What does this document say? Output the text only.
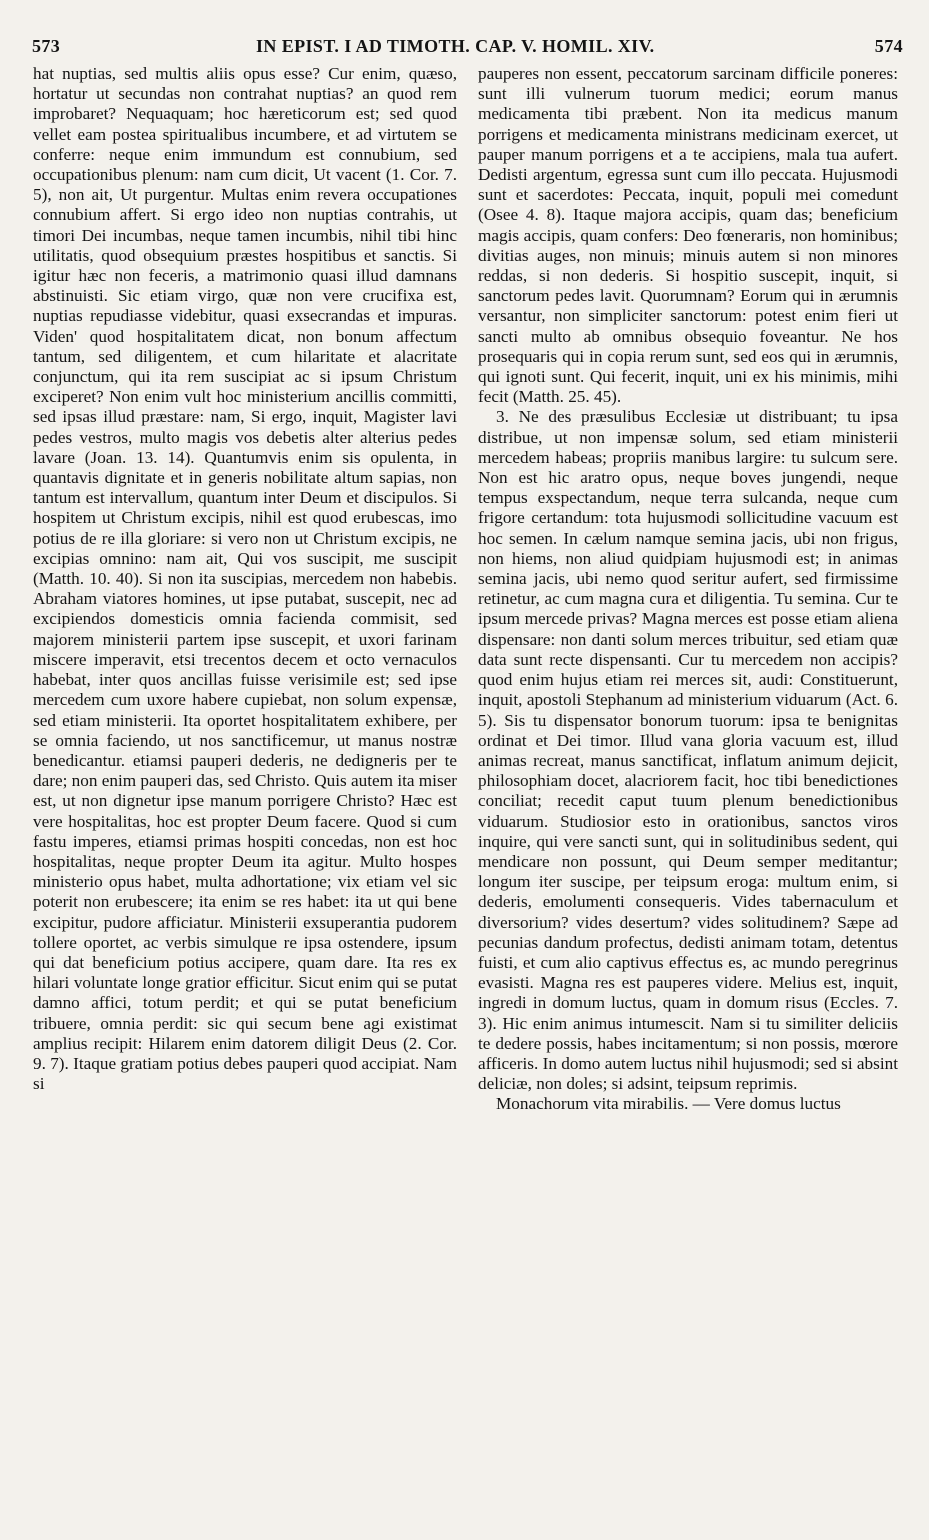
573	IN EPIST. I AD TIMOTH. CAP. V. HOMIL. XIV.	574

hat nuptias, sed multis aliis opus esse? Cur enim, quæso, hortatur ut secundas non contrahat nuptias? an quod rem improbaret? Nequaquam; hoc hæreticorum est; sed quod vellet eam postea spiritualibus incumbere, et ad virtutem se conferre: neque enim immundum est connubium, sed occupationibus plenum: nam cum dicit, Ut vacent (1. Cor. 7. 5), non ait, Ut purgentur. Multas enim revera occupationes connubium affert. Si ergo ideo non nuptias contrahis, ut timori Dei incumbas, neque tamen incumbis, nihil tibi hinc utilitatis, quod obsequium præstes hospitibus et sanctis. Si igitur hæc non feceris, a matrimonio quasi illud damnans abstinuisti. Sic etiam virgo, quæ non vere crucifixa est, nuptias repudiasse videbitur, quasi exsecrandas et impuras. Viden' quod hospitalitatem dicat, non bonum affectum tantum, sed diligentem, et cum hilaritate et alacritate conjunctum, qui ita rem suscipiat ac si ipsum Christum exciperet? Non enim vult hoc ministerium ancillis committi, sed ipsas illud præstare: nam, Si ergo, inquit, Magister lavi pedes vestros, multo magis vos debetis alter alterius pedes lavare (Joan. 13. 14). Quantumvis enim sis opulenta, in quantavis dignitate et in generis nobilitate altum sapias, non tantum est intervallum, quantum inter Deum et discipulos. Si hospitem ut Christum excipis, nihil est quod erubescas, imo potius de re illa gloriare: si vero non ut Christum excipis, ne excipias omnino: nam ait, Qui vos suscipit, me suscipit (Matth. 10. 40). Si non ita suscipias, mercedem non habebis. Abraham viatores homines, ut ipse putabat, suscepit, nec ad excipiendos domesticis omnia facienda commisit, sed majorem ministerii partem ipse suscepit, et uxori farinam miscere imperavit, etsi trecentos decem et octo vernaculos habebat, inter quos ancillas fuisse verisimile est; sed ipse mercedem cum uxore habere cupiebat, non solum expensæ, sed etiam ministerii. Ita oportet hospitalitatem exhibere, per se omnia faciendo, ut nos sanctificemur, ut manus nostræ benedicantur. etiamsi pauperi dederis, ne dedigneris per te dare; non enim pauperi das, sed Christo. Quis autem ita miser est, ut non dignetur ipse manum porrigere Christo? Hæc est vere hospitalitas, hoc est propter Deum facere. Quod si cum fastu imperes, etiamsi primas hospiti concedas, non est hoc hospitalitas, neque propter Deum ita agitur. Multo hospes ministerio opus habet, multa adhortatione; vix etiam vel sic poterit non erubescere; ita enim se res habet: ita ut qui bene excipitur, pudore afficiatur. Ministerii exsuperantia pudorem tollere oportet, ac verbis simulque re ipsa ostendere, ipsum qui dat beneficium potius accipere, quam dare. Ita res ex hilari voluntate longe gratior efficitur. Sicut enim qui se putat damno affici, totum perdit; et qui se putat beneficium tribuere, omnia perdit: sic qui secum bene agi existimat amplius recipit: Hilarem enim datorem diligit Deus (2. Cor. 9. 7). Itaque gratiam potius debes pauperi quod accipiat. Nam si

pauperes non essent, peccatorum sarcinam difficile poneres: sunt illi vulnerum tuorum medici; eorum manus medicamenta tibi præbent. Non ita medicus manum porrigens et medicamenta ministrans medicinam exercet, ut pauper manum porrigens et a te accipiens, mala tua aufert. Dedisti argentum, egressa sunt cum illo peccata. Hujusmodi sunt et sacerdotes: Peccata, inquit, populi mei comedunt (Osee 4. 8). Itaque majora accipis, quam das; beneficium magis accipis, quam confers: Deo fœneraris, non hominibus; divitias auges, non minuis; minuis autem si non minores reddas, si non dederis. Si hospitio suscepit, inquit, si sanctorum pedes lavit. Quorumnam? Eorum qui in ærumnis versantur, non simpliciter sanctorum: potest enim fieri ut sancti multo ab omnibus obsequio foveantur. Ne hos prosequaris qui in copia rerum sunt, sed eos qui in ærumnis, qui ignoti sunt. Qui fecerit, inquit, uni ex his minimis, mihi fecit (Matth. 25. 45).

3. Ne des præsulibus Ecclesiæ ut distribuant; tu ipsa distribue, ut non impensæ solum, sed etiam ministerii mercedem habeas; propriis manibus largire: tu sulcum sere. Non est hic aratro opus, neque boves jungendi, neque tempus exspectandum, neque terra sulcanda, neque cum frigore certandum: tota hujusmodi sollicitudine vacuum est hoc semen. In cælum namque semina jacis, ubi non frigus, non hiems, non aliud quidpiam hujusmodi est; in animas semina jacis, ubi nemo quod seritur aufert, sed firmissime retinetur, ac cum magna cura et diligentia. Tu semina. Cur te ipsum mercede privas? Magna merces est posse etiam aliena dispensare: non danti solum merces tribuitur, sed etiam quæ data sunt recte dispensanti. Cur tu mercedem non accipis? quod enim hujus etiam rei merces sit, audi: Constituerunt, inquit, apostoli Stephanum ad ministerium viduarum (Act. 6. 5). Sis tu dispensator bonorum tuorum: ipsa te benignitas ordinat et Dei timor. Illud vana gloria vacuum est, illud animas recreat, manus sanctificat, inflatum animum dejicit, philosophiam docet, alacriorem facit, hoc tibi benedictiones conciliat; recedit caput tuum plenum benedictionibus viduarum. Studiosior esto in orationibus, sanctos viros inquire, qui vere sancti sunt, qui in solitudinibus sedent, qui mendicare non possunt, qui Deum semper meditantur; longum iter suscipe, per teipsum eroga: multum enim, si dederis, emolumenti consequeris. Vides tabernaculum et diversorium? vides desertum? vides solitudinem? Sæpe ad pecunias dandum profectus, dedisti animam totam, detentus fuisti, et cum alio captivus effectus es, ac mundo peregrinus evasisti. Magna res est pauperes videre. Melius est, inquit, ingredi in domum luctus, quam in domum risus (Eccles. 7. 3). Hic enim animus intumescit. Nam si tu similiter deliciis te dedere possis, habes incitamentum; si non possis, mœrore afficeris. In domo autem luctus nihil hujusmodi; sed si absint deliciæ, non doles; si adsint, teipsum reprimis.

Monachorum vita mirabilis. — Vere domus luctus
